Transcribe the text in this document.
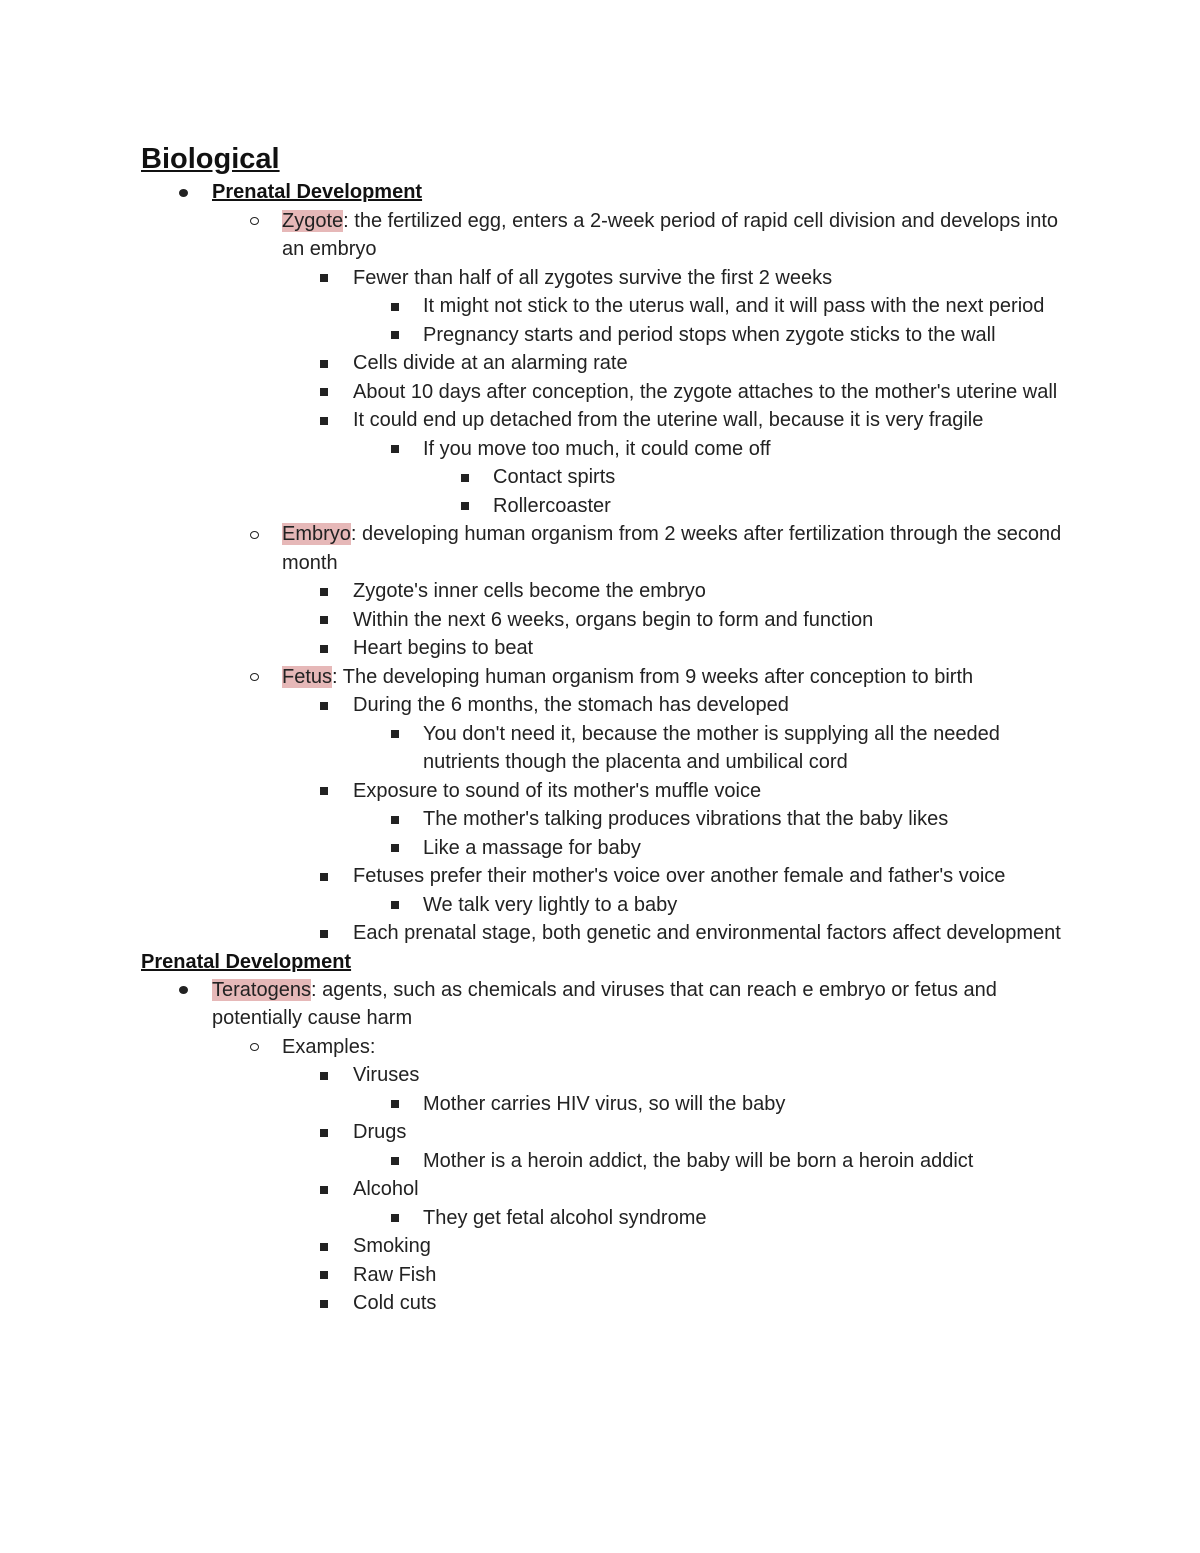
Biological
Prenatal Development
Zygote: the fertilized egg, enters a 2-week period of rapid cell division and develops into an embryo
Fewer than half of all zygotes survive the first 2 weeks
It might not stick to the uterus wall, and it will pass with the next period
Pregnancy starts and period stops when zygote sticks to the wall
Cells divide at an alarming rate
About 10 days after conception, the zygote attaches to the mother's uterine wall
It could end up detached from the uterine wall, because it is very fragile
If you move too much, it could come off
Contact spirts
Rollercoaster
Embryo: developing human organism from 2 weeks after fertilization through the second month
Zygote's inner cells become the embryo
Within the next 6 weeks, organs begin to form and function
Heart begins to beat
Fetus: The developing human organism from 9 weeks after conception to birth
During the 6 months, the stomach has developed
You don't need it, because the mother is supplying all the needed nutrients though the placenta and umbilical cord
Exposure to sound of its mother's muffle voice
The mother's talking produces vibrations that the baby likes
Like a massage for baby
Fetuses prefer their mother's voice over another female and father's voice
We talk very lightly to a baby
Each prenatal stage, both genetic and environmental factors affect development
Prenatal Development
Teratogens: agents, such as chemicals and viruses that can reach e embryo or fetus and potentially cause harm
Examples:
Viruses
Mother carries HIV virus, so will the baby
Drugs
Mother is a heroin addict, the baby will be born a heroin addict
Alcohol
They get fetal alcohol syndrome
Smoking
Raw Fish
Cold cuts
